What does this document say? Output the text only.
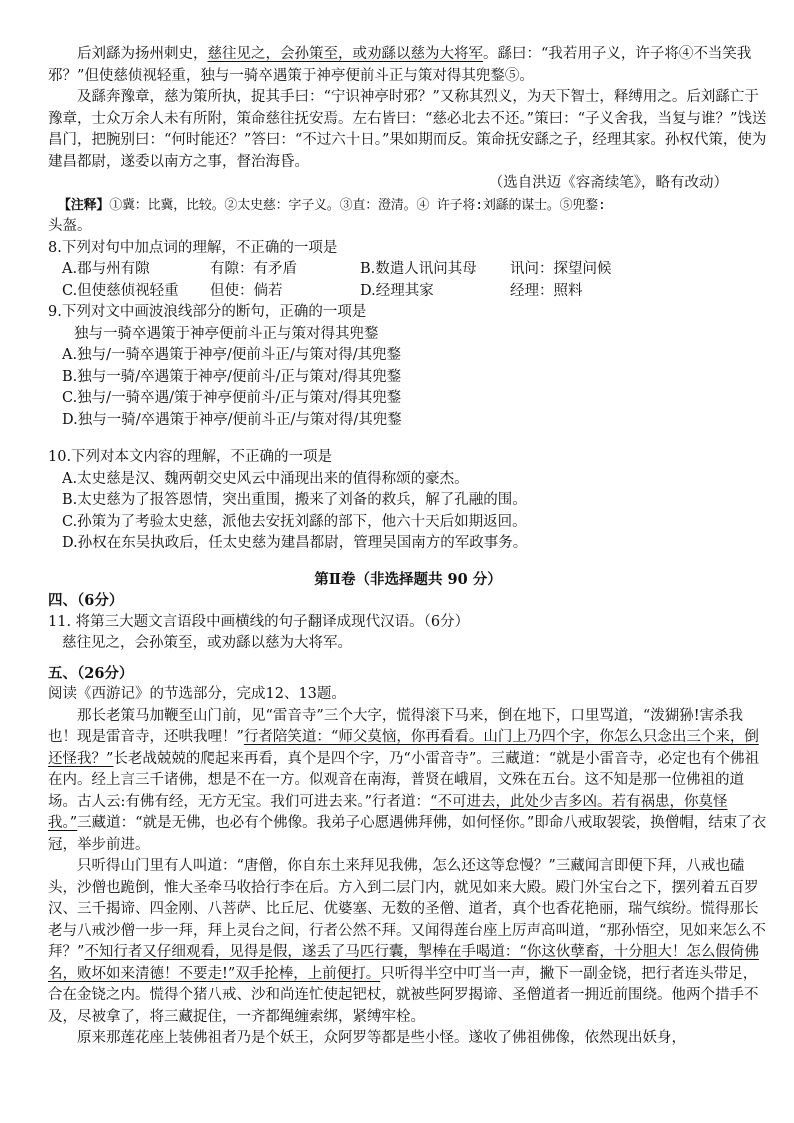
后刘繇为扬州刺史，慈往见之，会孙策至，或劝繇以慈为大将军。繇曰：“我若用子义，许子将④不当笑我邪？”但使慈侦视轻重，独与一骑卒遇策于神亭便前斗正与策对得其兜鍪⑤。

及繇奔豫章，慈为策所执，捉其手曰：“宁识神亭时邪？”又称其烈义，为天下智士，释缚用之。后刘繇亡于豫章，士众万余人未有所附，策命慈往抚安焉。左右皆曰：“慈必北去不还。”策曰：“子义舍我，当复与谁？”饯送昌门，把腕别曰：“何时能还？”答曰：“不过六十日。”果如期而反。策命抚安繇之子，经理其家。孙权代策，使为建昌都尉，遂委以南方之事，督治海昏。

（选自洪迈《容斋续笔》，略有改动）

【注释】①冀：比冀，比较。②太史慈：字子义。③直：澄清。④ 许子将:刘繇的谋士。⑤兜鍪:

头盔。

8.下列对句中加点词的理解，不正确的一项是

A.郡与州有隙	有隙：有矛盾	B.数遣人讯问其母 讯问：探望问候

C.但使慈侦视轻重 但使：倘若	D.经理其家	经理：照料

9.下列对文中画波浪线部分的断句，正确的一项是

独与一骑卒遇策于神亭便前斗正与策对得其兜鍪

A.独与/一骑卒遇策于神亭/便前斗正/与策对得/其兜鍪

B.独与一骑/卒遇策于神亭/便前斗/正与策对/得其兜鍪

C.独与/一骑卒遇/策于神亭便前斗/正与策对/得其兜鍪

D.独与一骑/卒遇策于神亭/便前斗正/与策对得/其兜鍪

10.下列对本文内容的理解，不正确的一项是

A.太史慈是汉、魏两朝交史风云中涌现出来的值得称颂的豪杰。

B.太史慈为了报答恩情，突出重围，搬来了刘备的救兵，解了孔融的围。

C.孙策为了考验太史慈，派他去安抚刘繇的部下，他六十天后如期返回。

D.孙权在东吴执政后，任太史慈为建昌都尉，管理吴国南方的军政事务。

第Ⅱ卷（非选择题共 90 分）

四、（6分）

11. 将第三大题文言语段中画横线的句子翻译成现代汉语。（6分）

慈往见之，会孙策至，或劝繇以慈为大将军。

五、（26分）

阅读《西游记》的节选部分，完成12、13题。

那长老策马加鞭至山门前，见“雷音寺”三个大字，慌得滚下马来，倒在地下，口里骂道，“泼猢狲!害杀我也！现是雷音寺，还哄我哩！”行者陪笑道：“师父莫恼，你再看看。山门上乃四个字，你怎么只念出三个来，倒还怪我？”长老战兢兢的爬起来再看，真个是四个字，乃“小雷音寺”。三藏道：“就是小雷音寺，必定也有个佛祖在内。经上言三千诸佛，想是不在一方。似观音在南海，普贤在峨眉，文殊在五台。这不知是那一位佛祖的道场。古人云:有佛有经，无方无宝。我们可进去来。”行者道：“不可进去，此处少吉多凶。若有祸患，你莫怪我。”三藏道：“就是无佛，也必有个佛像。我弟子心愿遇佛拜佛，如何怪你。”即命八戒取袈裟，换僧帽，结束了衣冠，举步前进。

只听得山门里有人叫道：“唐僧，你自东土来拜见我佛，怎么还这等怠慢？”三藏闻言即便下拜，八戒也磕头，沙僧也跪倒，惟大圣牵马收拾行李在后。方入到二层门内，就见如来大殿。殿门外宝台之下，摆列着五百罗汉、三千揭谛、四金刚、八菩萨、比丘尼、优婆塞、无数的圣僧、道者，真个也香花艳丽，瑞气缤纷。慌得那长老与八戒沙僧一步一拜，拜上灵台之间，行者公然不拜。又闻得莲台座上厉声高叫道，“那孙悟空，见如来怎么不拜？”不知行者又仔细观看，见得是假，遂丢了马匹行囊，掣棒在手喝道：“你这伙孽畜，十分胆大！怎么假倚佛名，败坏如来清德！不要走!”双手抡棒，上前便打。只听得半空中叮当一声，撇下一副金铙，把行者连头带足，合在金铙之内。慌得个猪八戒、沙和尚连忙使起钯杖，就被些阿罗揭谛、圣僧道者一拥近前围绕。他两个措手不及，尽被拿了，将三藏捉住，一齐都绳缠索绑，紧缚牢栓。

原来那莲花座上装佛祖者乃是个妖王，众阿罗等都是些小怪。遂收了佛祖佛像，依然现出妖身，
